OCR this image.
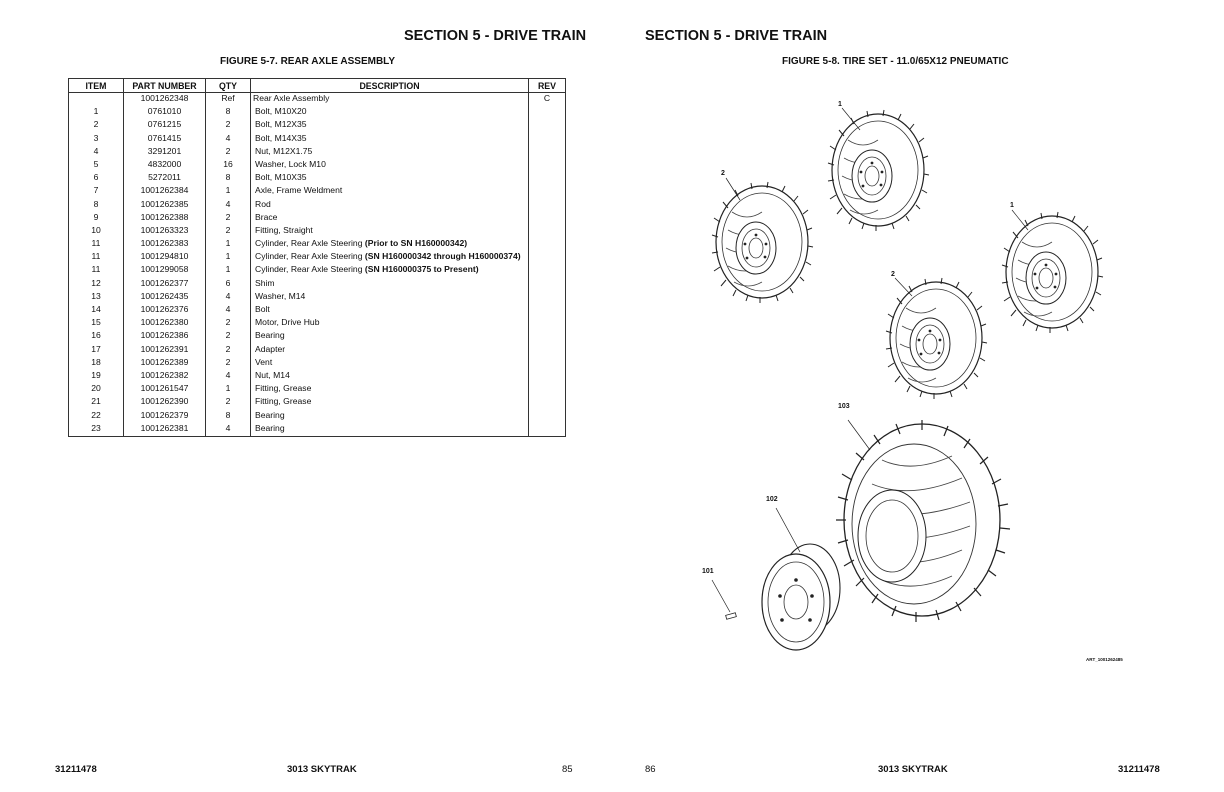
SECTION 5 - DRIVE TRAIN
FIGURE 5-7. REAR AXLE ASSEMBLY
ITEM	PART NUMBER	QTY	DESCRIPTION	REV
	1001262348	Ref	Rear Axle Assembly	C
1	0761010	8	Bolt, M10X20	
2	0761215	2	Bolt, M12X35	
3	0761415	4	Bolt, M14X35	
4	3291201	2	Nut, M12X1.75	
5	4832000	16	Washer, Lock M10	
6	5272011	8	Bolt, M10X35	
7	1001262384	1	Axle, Frame Weldment	
8	1001262385	4	Rod	
9	1001262388	2	Brace	
10	1001263323	2	Fitting, Straight	
11	1001262383	1	Cylinder, Rear Axle Steering (Prior to SN H160000342)	
11	1001294810	1	Cylinder, Rear Axle Steering (SN H160000342 through H160000374)	
11	1001299058	1	Cylinder, Rear Axle Steering (SN H160000375 to Present)	
12	1001262377	6	Shim	
13	1001262435	4	Washer, M14	
14	1001262376	4	Bolt	
15	1001262380	2	Motor, Drive Hub	
16	1001262386	2	Bearing	
17	1001262391	2	Adapter	
18	1001262389	2	Vent	
19	1001262382	4	Nut, M14	
20	1001261547	1	Fitting, Grease	
21	1001262390	2	Fitting, Grease	
22	1001262379	8	Bearing	
23	1001262381	4	Bearing	
31211478	3013 SKYTRAK	85
SECTION 5 - DRIVE TRAIN
FIGURE 5-8. TIRE SET - 11.0/65X12 PNEUMATIC
1
2
1
2
103
102
101
ART_1001262485
86	3013 SKYTRAK	31211478
